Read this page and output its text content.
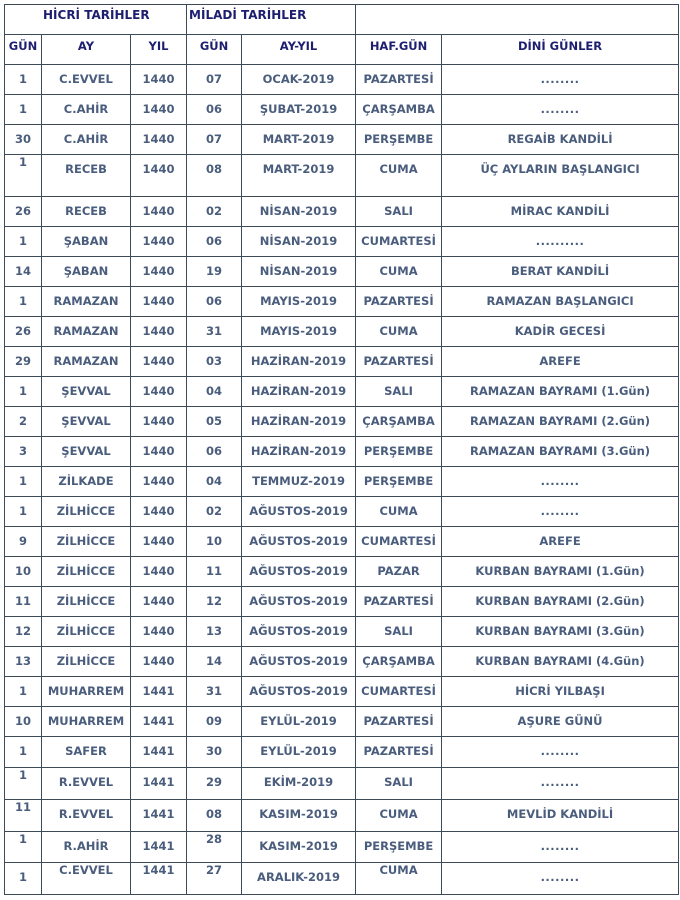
HİCRİ TARİHLER			MİLADİ TARİHLER			

GÜN	AY	YIL	GÜN	AY-YIL	HAF.GÜN	DİNİ GÜNLER

1	C.EVVEL	1440	07	OCAK-2019	PAZARTESİ	........

1	C.AHİR	1440	06	ŞUBAT-2019	ÇARŞAMBA	........

30	C.AHİR	1440	07	MART-2019	PERŞEMBE	REGAİB KANDİLİ

1	RECEB	1440	08	MART-2019	CUMA	ÜÇ AYLARIN BAŞLANGICI

26	RECEB	1440	02	NİSAN-2019	SALI	MİRAC KANDİLİ

1	ŞABAN	1440	06	NİSAN-2019	CUMARTESİ	..........

14	ŞABAN	1440	19	NİSAN-2019	CUMA	BERAT KANDİLİ

1	RAMAZAN	1440	06	MAYIS-2019	PAZARTESİ	RAMAZAN BAŞLANGICI

26	RAMAZAN	1440	31	MAYIS-2019	CUMA	KADİR GECESİ

29	RAMAZAN	1440	03	HAZİRAN-2019	PAZARTESİ	AREFE

1	ŞEVVAL	1440	04	HAZİRAN-2019	SALI	RAMAZAN BAYRAMI (1.Gün)

2	ŞEVVAL	1440	05	HAZİRAN-2019	ÇARŞAMBA	RAMAZAN BAYRAMI (2.Gün)

3	ŞEVVAL	1440	06	HAZİRAN-2019	PERŞEMBE	RAMAZAN BAYRAMI (3.Gün)

1	ZİLKADE	1440	04	TEMMUZ-2019	PERŞEMBE	........

1	ZİLHİCCE	1440	02	AĞUSTOS-2019	CUMA	........

9	ZİLHİCCE	1440	10	AĞUSTOS-2019	CUMARTESİ	AREFE

10	ZİLHİCCE	1440	11	AĞUSTOS-2019	PAZAR	KURBAN BAYRAMI (1.Gün)

11	ZİLHİCCE	1440	12	AĞUSTOS-2019	PAZARTESİ	KURBAN BAYRAMI (2.Gün)

12	ZİLHİCCE	1440	13	AĞUSTOS-2019	SALI	KURBAN BAYRAMI (3.Gün)

13	ZİLHİCCE	1440	14	AĞUSTOS-2019	ÇARŞAMBA	KURBAN BAYRAMI (4.Gün)

1	MUHARREM	1441	31	AĞUSTOS-2019	CUMARTESİ	HİCRİ YILBAŞI

10	MUHARREM	1441	09	EYLÜL-2019	PAZARTESİ	AŞURE GÜNÜ

1	SAFER	1441	30	EYLÜL-2019	PAZARTESİ	........

1	R.EVVEL	1441	29	EKİM-2019	SALI	........

11	R.EVVEL	1441	08	KASIM-2019	CUMA	MEVLİD KANDİLİ

1	R.AHİR	1441	28	KASIM-2019	PERŞEMBE	........

1	C.EVVEL	1441	27	ARALIK-2019	CUMA	........
